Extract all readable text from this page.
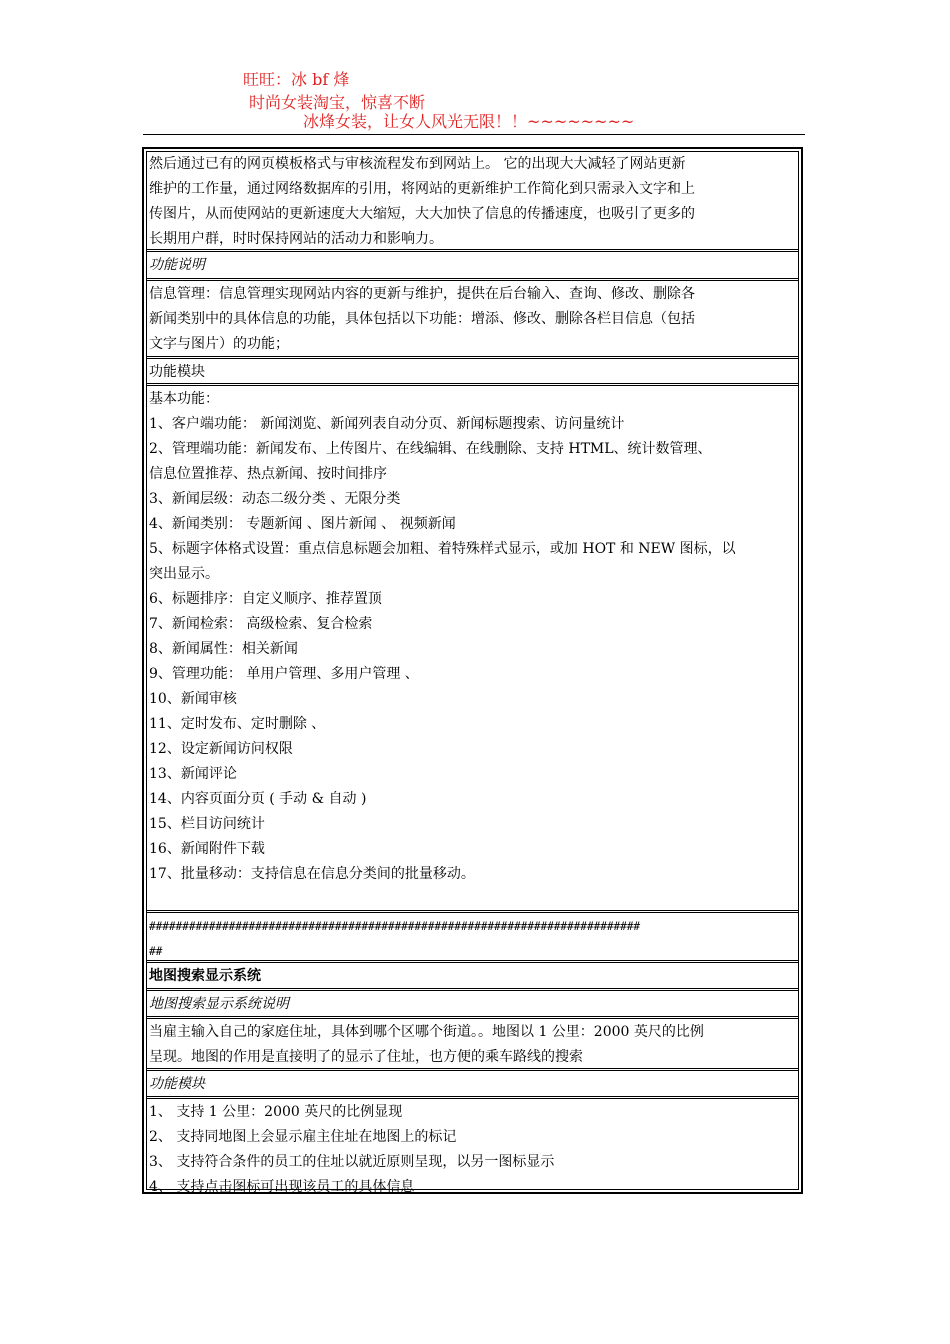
旺旺：冰 bf 烽
时尚女装淘宝，惊喜不断
冰烽女装，让女人风光无限！！~~~~~~~~
然后通过已有的网页模板格式与审核流程发布到网站上。 它的出现大大减轻了网站更新
维护的工作量，通过网络数据库的引用，将网站的更新维护工作简化到只需录入文字和上
传图片，从而使网站的更新速度大大缩短，大大加快了信息的传播速度，也吸引了更多的
长期用户群，时时保持网站的活动力和影响力。
功能说明
信息管理：信息管理实现网站内容的更新与维护，提供在后台输入、查询、修改、删除各
新闻类别中的具体信息的功能，具体包括以下功能：增添、修改、删除各栏目信息（包括
文字与图片）的功能；
功能模块
基本功能：
1、客户端功能： 新闻浏览、新闻列表自动分页、新闻标题搜索、访问量统计
2、管理端功能：新闻发布、上传图片、在线编辑、在线删除、支持 HTML、统计数管理、
信息位置推荐、热点新闻、按时间排序
3、新闻层级：动态二级分类 、无限分类
4、新闻类别： 专题新闻 、图片新闻 、 视频新闻
5、标题字体格式设置：重点信息标题会加粗、着特殊样式显示，或加 HOT 和 NEW 图标，以
突出显示。
6、标题排序：自定义顺序、推荐置顶
7、新闻检索： 高级检索、复合检索
8、新闻属性：相关新闻
9、管理功能： 单用户管理、多用户管理 、
10、新闻审核
11、定时发布、定时删除 、
12、设定新闻访问权限
13、新闻评论
14、内容页面分页 ( 手动 & 自动 )
15、栏目访问统计
16、新闻附件下载
17、批量移动：支持信息在信息分类间的批量移动。
##########################################################################
##
地图搜索显示系统
地图搜索显示系统说明
当雇主输入自己的家庭住址，具体到哪个区哪个街道。。地图以 1 公里：2000 英尺的比例
呈现。地图的作用是直接明了的显示了住址，也方便的乘车路线的搜索
功能模块
1、 支持 1 公里：2000 英尺的比例显现
2、 支持同地图上会显示雇主住址在地图上的标记
3、 支持符合条件的员工的住址以就近原则呈现，以另一图标显示
4、 支持点击图标可出现该员工的具体信息
